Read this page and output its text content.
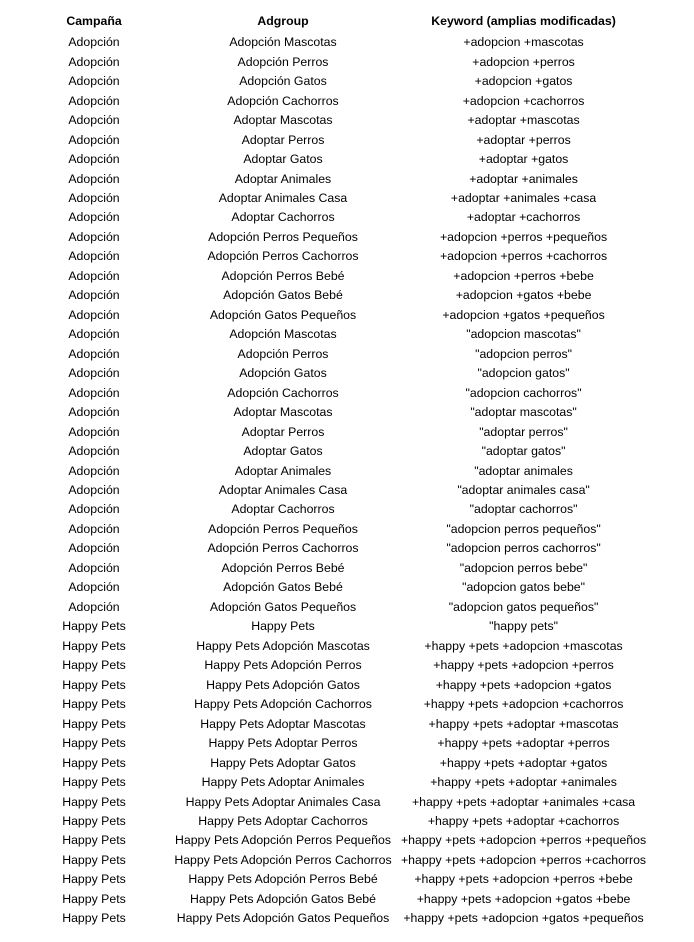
Campaña	Adgroup	Keyword (amplias modificadas)
Adopción	Adopción Mascotas	+adopcion +mascotas
Adopción	Adopción Perros	+adopcion +perros
Adopción	Adopción Gatos	+adopcion +gatos
Adopción	Adopción Cachorros	+adopcion +cachorros
Adopción	Adoptar Mascotas	+adoptar +mascotas
Adopción	Adoptar Perros	+adoptar +perros
Adopción	Adoptar Gatos	+adoptar +gatos
Adopción	Adoptar Animales	+adoptar +animales
Adopción	Adoptar Animales Casa	+adoptar +animales +casa
Adopción	Adoptar Cachorros	+adoptar +cachorros
Adopción	Adopción Perros Pequeños	+adopcion +perros +pequeños
Adopción	Adopción Perros Cachorros	+adopcion +perros +cachorros
Adopción	Adopción Perros Bebé	+adopcion +perros +bebe
Adopción	Adopción Gatos Bebé	+adopcion +gatos +bebe
Adopción	Adopción Gatos Pequeños	+adopcion +gatos +pequeños
Adopción	Adopción Mascotas	"adopcion mascotas"
Adopción	Adopción Perros	"adopcion perros"
Adopción	Adopción Gatos	"adopcion gatos"
Adopción	Adopción Cachorros	"adopcion cachorros"
Adopción	Adoptar Mascotas	"adoptar mascotas"
Adopción	Adoptar Perros	"adoptar perros"
Adopción	Adoptar Gatos	"adoptar gatos"
Adopción	Adoptar Animales	"adoptar animales
Adopción	Adoptar Animales Casa	"adoptar animales casa"
Adopción	Adoptar Cachorros	"adoptar cachorros"
Adopción	Adopción Perros Pequeños	"adopcion perros pequeños"
Adopción	Adopción Perros Cachorros	"adopcion perros cachorros"
Adopción	Adopción Perros Bebé	"adopcion perros bebe"
Adopción	Adopción Gatos Bebé	"adopcion gatos bebe"
Adopción	Adopción Gatos Pequeños	"adopcion gatos pequeños"
Happy Pets	Happy Pets	"happy pets"
Happy Pets	Happy Pets Adopción Mascotas	+happy +pets +adopcion +mascotas
Happy Pets	Happy Pets Adopción Perros	+happy +pets +adopcion +perros
Happy Pets	Happy Pets Adopción Gatos	+happy +pets +adopcion +gatos
Happy Pets	Happy Pets Adopción Cachorros	+happy +pets +adopcion +cachorros
Happy Pets	Happy Pets Adoptar Mascotas	+happy +pets +adoptar +mascotas
Happy Pets	Happy Pets Adoptar Perros	+happy +pets +adoptar +perros
Happy Pets	Happy Pets Adoptar Gatos	+happy +pets +adoptar +gatos
Happy Pets	Happy Pets Adoptar Animales	+happy +pets +adoptar +animales
Happy Pets	Happy Pets Adoptar Animales Casa	+happy +pets +adoptar +animales +casa
Happy Pets	Happy Pets Adoptar Cachorros	+happy +pets +adoptar +cachorros
Happy Pets	Happy Pets Adopción Perros Pequeños	+happy +pets +adopcion +perros +pequeños
Happy Pets	Happy Pets Adopción Perros Cachorros	+happy +pets +adopcion +perros +cachorros
Happy Pets	Happy Pets Adopción Perros Bebé	+happy +pets +adopcion +perros +bebe
Happy Pets	Happy Pets Adopción Gatos Bebé	+happy +pets +adopcion +gatos +bebe
Happy Pets	Happy Pets Adopción Gatos Pequeños	+happy +pets +adopcion +gatos +pequeños
